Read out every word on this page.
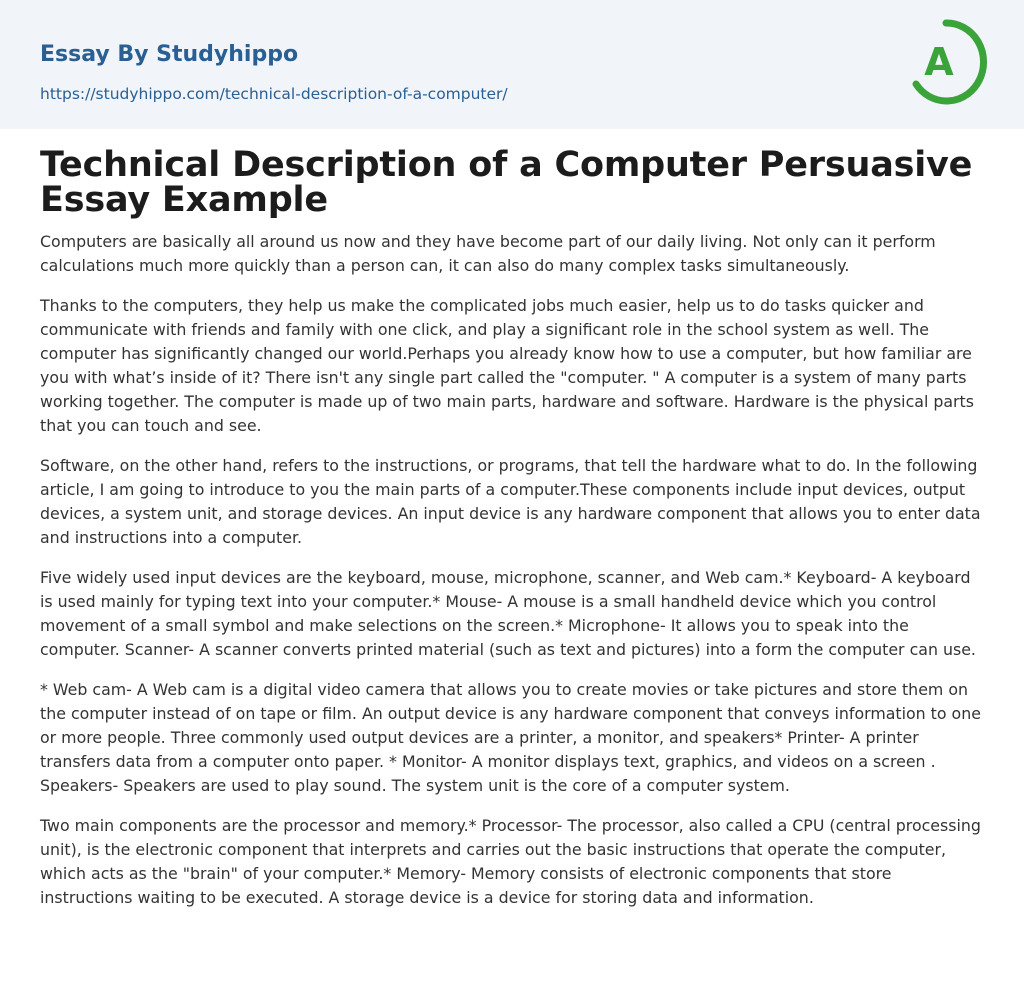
Essay By Studyhippo
https://studyhippo.com/technical-description-of-a-computer/
A
Technical Description of a Computer Persuasive Essay Example

Computers are basically all around us now and they have become part of our daily living. Not only can it perform calculations much more quickly than a person can, it can also do many complex tasks simultaneously.

Thanks to the computers, they help us make the complicated jobs much easier, help us to do tasks quicker and communicate with friends and family with one click, and play a significant role in the school system as well. The computer has significantly changed our world.Perhaps you already know how to use a computer, but how familiar are you with what’s inside of it? There isn't any single part called the "computer. " A computer is a system of many parts working together. The computer is made up of two main parts, hardware and software. Hardware is the physical parts that you can touch and see.

Software, on the other hand, refers to the instructions, or programs, that tell the hardware what to do. In the following article, I am going to introduce to you the main parts of a computer.These components include input devices, output devices, a system unit, and storage devices. An input device is any hardware component that allows you to enter data and instructions into a computer.

Five widely used input devices are the keyboard, mouse, microphone, scanner, and Web cam.* Keyboard- A keyboard is used mainly for typing text into your computer.* Mouse- A mouse is a small handheld device which you control movement of a small symbol and make selections on the screen.* Microphone- It allows you to speak into the computer. Scanner- A scanner converts printed material (such as text and pictures) into a form the computer can use.

* Web cam- A Web cam is a digital video camera that allows you to create movies or take pictures and store them on the computer instead of on tape or film. An output device is any hardware component that conveys information to one or more people. Three commonly used output devices are a printer, a monitor, and speakers* Printer- A printer transfers data from a computer onto paper. * Monitor- A monitor displays text, graphics, and videos on a screen . Speakers- Speakers are used to play sound. The system unit is the core of a computer system.

Two main components are the processor and memory.* Processor- The processor, also called a CPU (central processing unit), is the electronic component that interprets and carries out the basic instructions that operate the computer, which acts as the "brain" of your computer.* Memory- Memory consists of electronic components that store instructions waiting to be executed. A storage device is a device for storing data and information.
